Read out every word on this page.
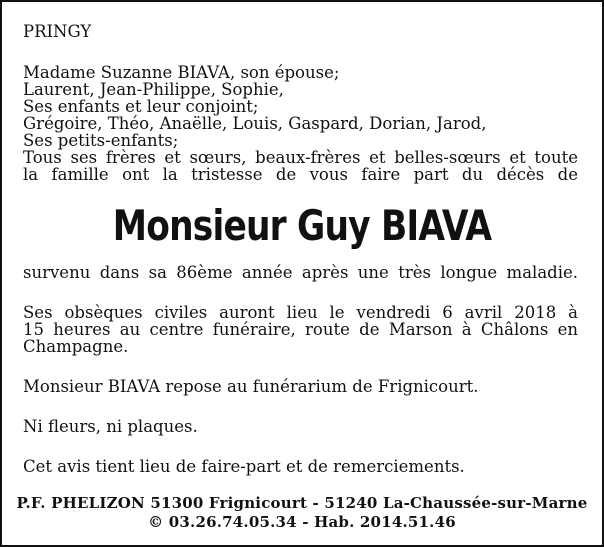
PRINGY
Madame Suzanne BIAVA, son épouse;
Laurent, Jean-Philippe, Sophie,
Ses enfants et leur conjoint;
Grégoire, Théo, Anaëlle, Louis, Gaspard, Dorian, Jarod,
Ses petits-enfants;
Tous ses frères et sœurs, beaux-frères et belles-sœurs et toute
la famille ont la tristesse de vous faire part du décès de
Monsieur Guy BIAVA
survenu dans sa 86ème année après une très longue maladie.
Ses obsèques civiles auront lieu le vendredi 6 avril 2018 à
15 heures au centre funéraire, route de Marson à Châlons en
Champagne.
Monsieur BIAVA repose au funérarium de Frignicourt.
Ni fleurs, ni plaques.
Cet avis tient lieu de faire-part et de remerciements.
P.F. PHELIZON 51300 Frignicourt - 51240 La-Chaussée-sur-Marne
© 03.26.74.05.34 - Hab. 2014.51.46
